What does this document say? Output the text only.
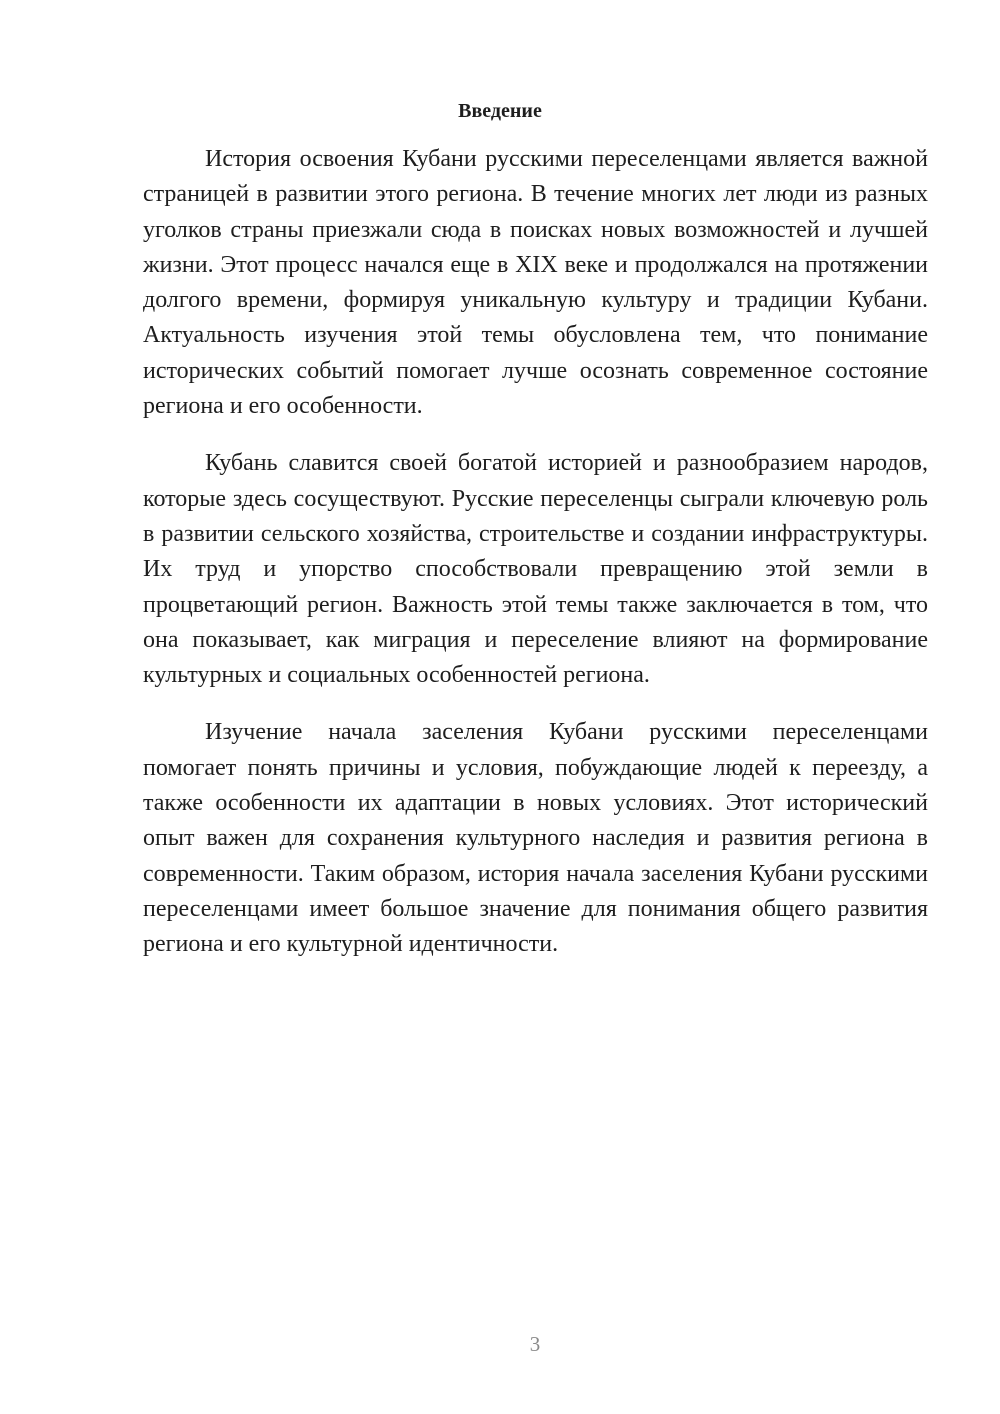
Введение

История освоения Кубани русскими переселенцами является важной страницей в развитии этого региона. В течение многих лет люди из разных уголков страны приезжали сюда в поисках новых возможностей и лучшей жизни. Этот процесс начался еще в XIX веке и продолжался на протяжении долгого времени, формируя уникальную культуру и традиции Кубани. Актуальность изучения этой темы обусловлена тем, что понимание исторических событий помогает лучше осознать современное состояние региона и его особенности.

Кубань славится своей богатой историей и разнообразием народов, которые здесь сосуществуют. Русские переселенцы сыграли ключевую роль в развитии сельского хозяйства, строительстве и создании инфраструктуры. Их труд и упорство способствовали превращению этой земли в процветающий регион. Важность этой темы также заключается в том, что она показывает, как миграция и переселение влияют на формирование культурных и социальных особенностей региона.

Изучение начала заселения Кубани русскими переселенцами помогает понять причины и условия, побуждающие людей к переезду, а также особенности их адаптации в новых условиях. Этот исторический опыт важен для сохранения культурного наследия и развития региона в современности. Таким образом, история начала заселения Кубани русскими переселенцами имеет большое значение для понимания общего развития региона и его культурной идентичности.

3
